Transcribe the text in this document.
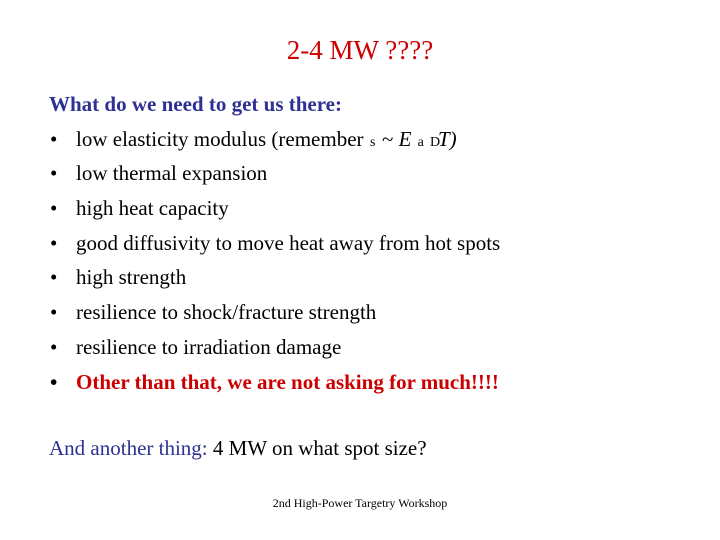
2-4 MW ????
What do we need to get us there:
• low elasticity modulus (remember s ~ E a DT)
• low thermal expansion
• high heat capacity
• good diffusivity to move heat away from hot spots
• high strength
• resilience to shock/fracture strength
• resilience to irradiation damage
• Other than that, we are not asking for much!!!!
And another thing: 4 MW on what spot size?
2nd High-Power Targetry Workshop
